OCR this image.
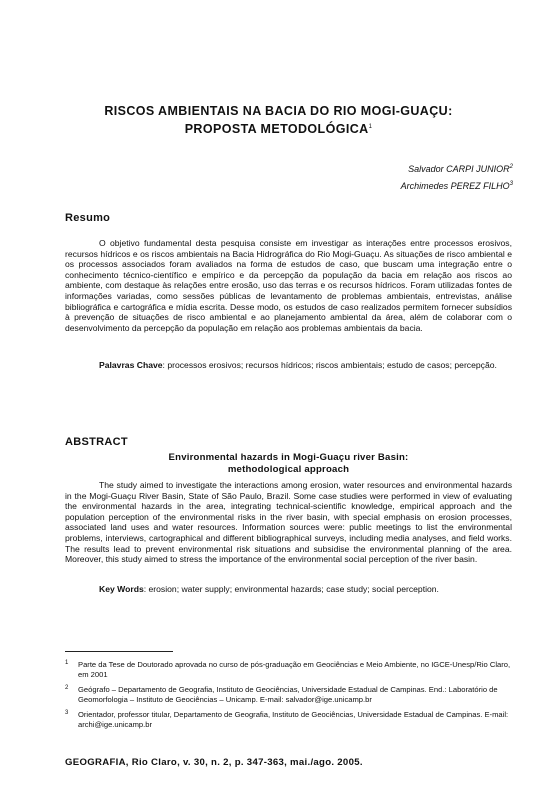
RISCOS AMBIENTAIS NA BACIA DO RIO MOGI-GUAÇU:
PROPOSTA METODOLÓGICA$^1$
Salvador CARPI JUNIOR$^2$
Archimedes PEREZ FILHO$^3$
Resumo

O objetivo fundamental desta pesquisa consiste em investigar as interações entre processos erosivos, recursos hídricos e os riscos ambientais na Bacia Hidrográfica do Rio Mogi-Guaçu. As situações de risco ambiental e os processos associados foram avaliados na forma de estudos de caso, que buscam uma integração entre o conhecimento técnico-científico e empírico e da percepção da população da bacia em relação aos riscos ao ambiente, com destaque às relações entre erosão, uso das terras e os recursos hídricos. Foram utilizadas fontes de informações variadas, como sessões públicas de levantamento de problemas ambientais, entrevistas, análise bibliográfica e cartográfica e mídia escrita. Desse modo, os estudos de caso realizados permitem fornecer subsídios à prevenção de situações de risco ambiental e ao planejamento ambiental da área, além de colaborar com o desenvolvimento da percepção da população em relação aos problemas ambientais da bacia.

Palavras Chave: processos erosivos; recursos hídricos; riscos ambientais; estudo de casos; percepção.

ABSTRACT
Environmental hazards in Mogi-Guaçu river Basin:
methodological approach

The study aimed to investigate the interactions among erosion, water resources and environmental hazards in the Mogi-Guaçu River Basin, State of São Paulo, Brazil. Some case studies were performed in view of evaluating the environmental hazards in the area, integrating technical-scientific knowledge, empirical approach and the population perception of the environmental risks in the river basin, with special emphasis on erosion processes, associated land uses and water resources. Information sources were: public meetings to list the environmental problems, interviews, cartographical and different bibliographical surveys, including media analyses, and field works. The results lead to prevent environmental risk situations and subsidise the environmental planning of the area. Moreover, this study aimed to stress the importance of the environmental social perception of the river basin.

Key Words: erosion; water supply; environmental hazards; case study; social perception.

1	Parte da Tese de Doutorado aprovada no curso de pós-graduação em Geociências e Meio Ambiente, no IGCE-Unesp/Rio Claro, em 2001
2	Geógrafo – Departamento de Geografia, Instituto de Geociências, Universidade Estadual de Campinas. End.: Laboratório de Geomorfologia – Instituto de Geociências – Unicamp. E-mail: salvador@ige.unicamp.br
3	Orientador, professor titular, Departamento de Geografia, Instituto de Geociências, Universidade Estadual de Campinas. E-mail: archi@ige.unicamp.br
GEOGRAFIA, Rio Claro, v. 30, n. 2, p. 347-363, mai./ago. 2005.
